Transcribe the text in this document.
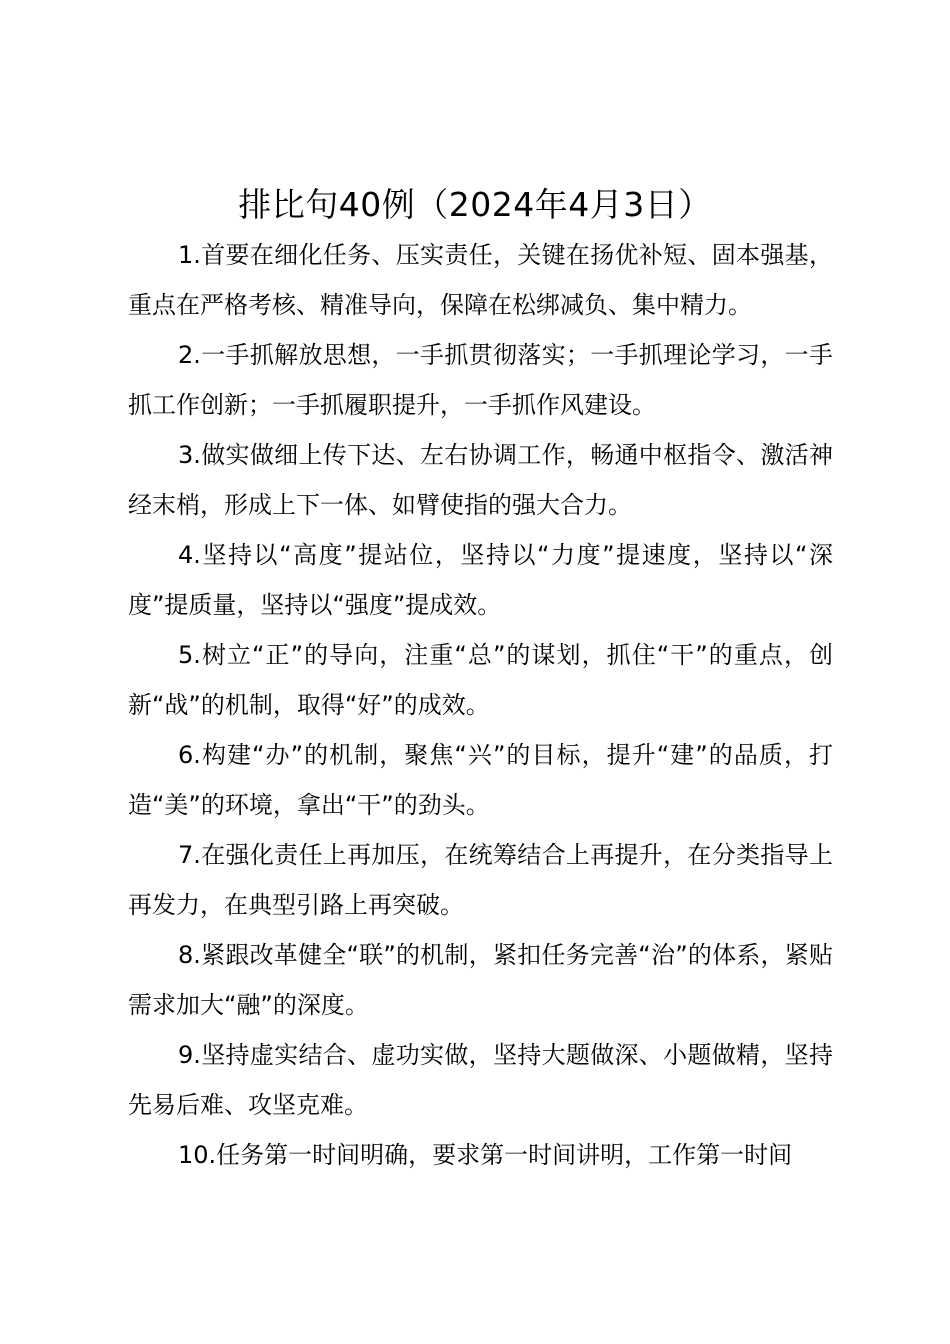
排比句40例（2024年4月3日）

1.首要在细化任务、压实责任，关键在扬优补短、固本强基，重点在严格考核、精准导向，保障在松绑减负、集中精力。

2.一手抓解放思想，一手抓贯彻落实；一手抓理论学习，一手抓工作创新；一手抓履职提升，一手抓作风建设。

3.做实做细上传下达、左右协调工作，畅通中枢指令、激活神经末梢，形成上下一体、如臂使指的强大合力。

4.坚持以“高度”提站位，坚持以“力度”提速度，坚持以“深度”提质量，坚持以“强度”提成效。

5.树立“正”的导向，注重“总”的谋划，抓住“干”的重点，创新“战”的机制，取得“好”的成效。

6.构建“办”的机制，聚焦“兴”的目标，提升“建”的品质，打造“美”的环境，拿出“干”的劲头。

7.在强化责任上再加压，在统筹结合上再提升，在分类指导上再发力，在典型引路上再突破。

8.紧跟改革健全“联”的机制，紧扣任务完善“治”的体系，紧贴需求加大“融”的深度。

9.坚持虚实结合、虚功实做，坚持大题做深、小题做精，坚持先易后难、攻坚克难。

10.任务第一时间明确，要求第一时间讲明，工作第一时间
